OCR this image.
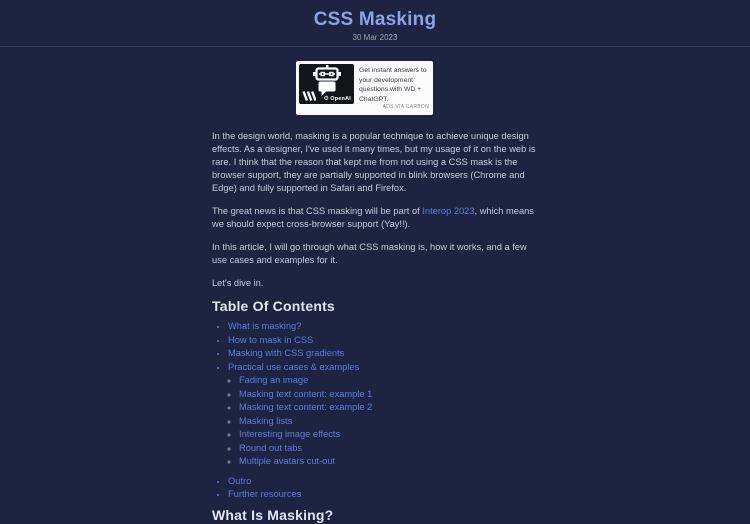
CSS Masking
30 Mar 2023
⚙ OpenAI
Get instant answers to your development questions with WD + ChatGPT.
ADS VIA CARBON

In the design world, masking is a popular technique to achieve unique design effects. As a designer, I've used it many times, but my usage of it on the web is rare. I think that the reason that kept me from not using a CSS mask is the browser support, they are partially supported in blink browsers (Chrome and Edge) and fully supported in Safari and Firefox.

The great news is that CSS masking will be part of Interop 2023, which means we should expect cross-browser support (Yay!!).

In this article, I will go through what CSS masking is, how it works, and a few use cases and examples for it.

Let's dive in.

Table Of Contents
• What is masking?
• How to mask in CSS
• Masking with CSS gradients
• Practical use cases & examples
◦ Fading an image
◦ Masking text content: example 1
◦ Masking text content: example 2
◦ Masking lists
◦ Interesting image effects
◦ Round out tabs
◦ Multiple avatars cut-out
• Outro
• Further resources
What Is Masking?
